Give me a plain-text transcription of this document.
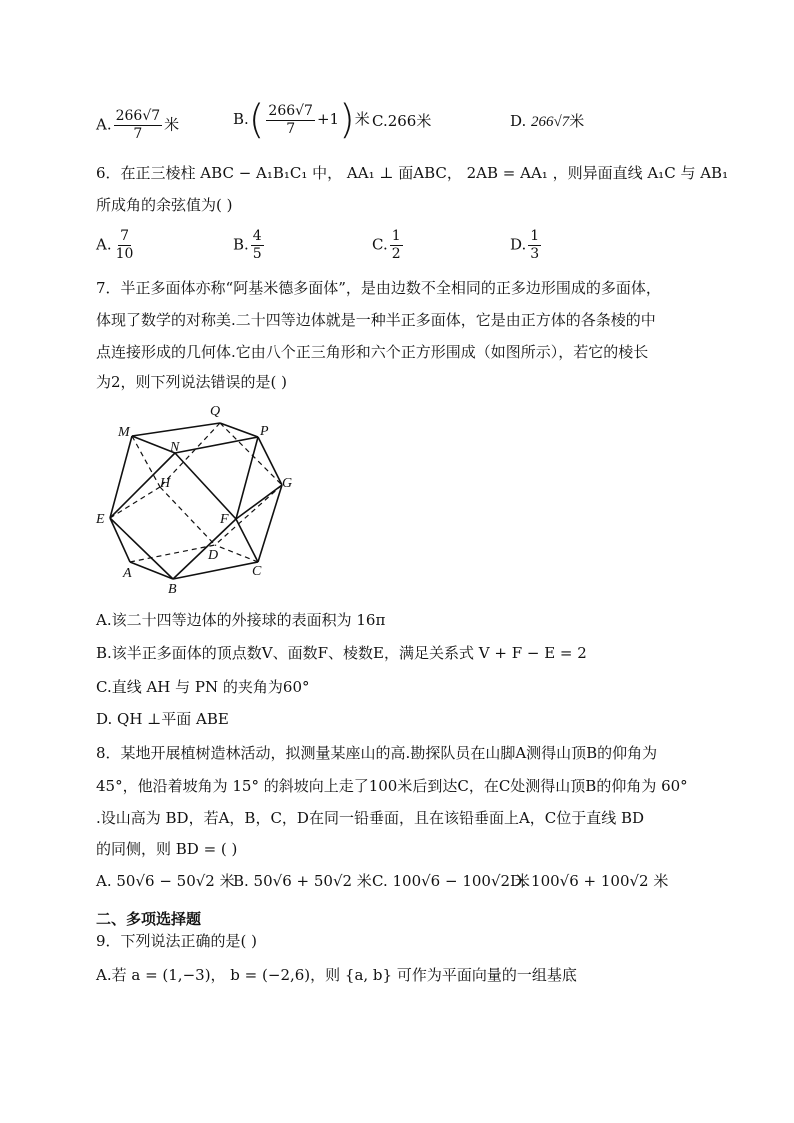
A. $\frac{266√7}{7}$ 米	$B.( \frac{266√7}{7} +1)$米 C.266米	D. 266√7米
6．在正三棱柱 ABC − A₁B₁C₁ 中， AA₁ ⊥ 面ABC， 2AB = AA₁ ，则异面直线 A₁C 与 AB₁
所成角的余弦值为( )
A. $\frac{7}{10}$	B. $\frac{4}{5}$	C. $\frac{1}{2}$	D. $\frac{1}{3}$
7．半正多面体亦称“阿基米德多面体”，是由边数不全相同的正多边形围成的多面体，
体现了数学的对称美.二十四等边体就是一种半正多面体，它是由正方体的各条棱的中
点连接形成的几何体.它由八个正三角形和六个正方形围成（如图所示），若它的棱长
为2，则下列说法错误的是( )
M
Q
P
N
H	G
E	F
D
A	C
B
A.该二十四等边体的外接球的表面积为 16π
B.该半正多面体的顶点数V、面数F、棱数E，满足关系式 V + F − E = 2
C.直线 AH 与 PN 的夹角为60°
D. QH ⊥平面 ABE
8．某地开展植树造林活动，拟测量某座山的高.勘探队员在山脚A测得山顶B的仰角为
45°，他沿着坡角为 15° 的斜坡向上走了100米后到达C，在C处测得山顶B的仰角为 60°
.设山高为 BD，若A，B，C，D在同一铅垂面，且在该铅垂面上A，C位于直线 BD
的同侧，则 BD = ( )
A. 50√6 − 50√2 米
B. 50√6 + 50√2 米 C. 100√6 − 100√2 米
D. 100√6 + 100√2 米
二、多项选择题
9．下列说法正确的是( )
A.若 a = (1,−3)， b = (−2,6)，则 {a, b} 可作为平面向量的一组基底
